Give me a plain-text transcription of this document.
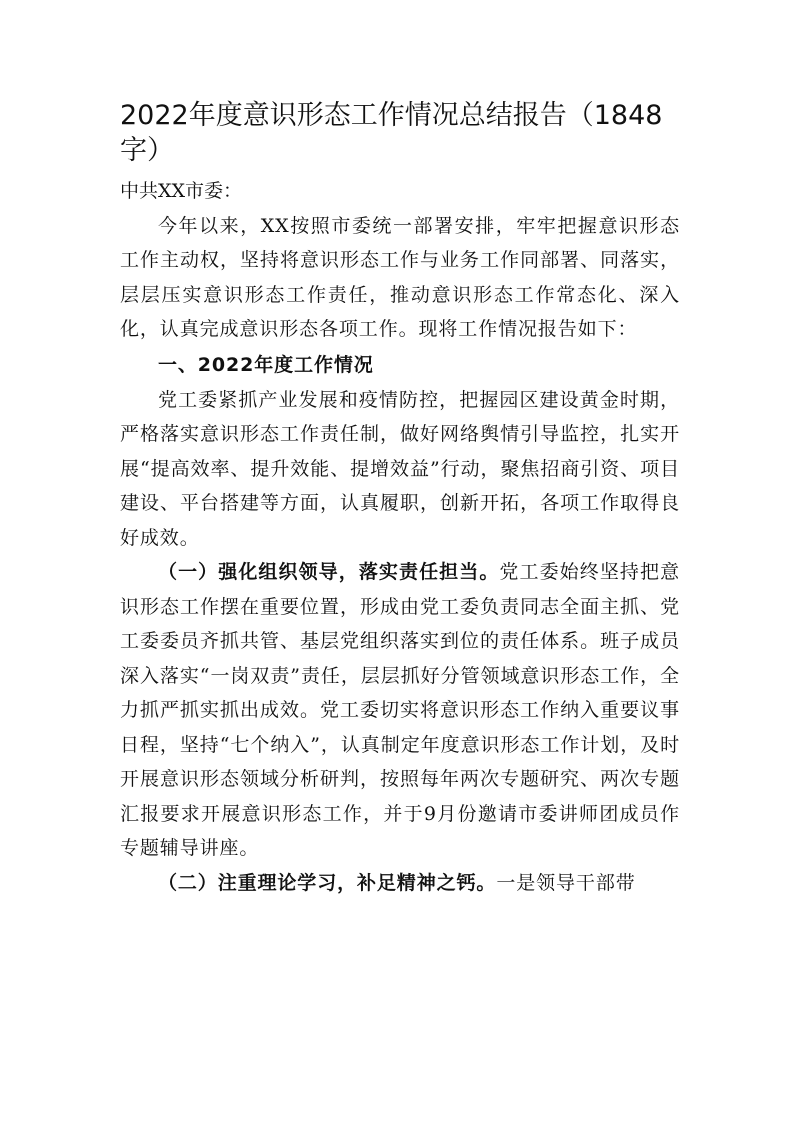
2022年度意识形态工作情况总结报告（1848字）

中共XX市委：

今年以来，XX按照市委统一部署安排，牢牢把握意识形态工作主动权，坚持将意识形态工作与业务工作同部署、同落实，层层压实意识形态工作责任，推动意识形态工作常态化、深入化，认真完成意识形态各项工作。现将工作情况报告如下：

一、2022年度工作情况

党工委紧抓产业发展和疫情防控，把握园区建设黄金时期，严格落实意识形态工作责任制，做好网络舆情引导监控，扎实开展“提高效率、提升效能、提增效益”行动，聚焦招商引资、项目建设、平台搭建等方面，认真履职，创新开拓，各项工作取得良好成效。

（一）强化组织领导，落实责任担当。党工委始终坚持把意识形态工作摆在重要位置，形成由党工委负责同志全面主抓、党工委委员齐抓共管、基层党组织落实到位的责任体系。班子成员深入落实“一岗双责”责任，层层抓好分管领域意识形态工作，全力抓严抓实抓出成效。党工委切实将意识形态工作纳入重要议事日程，坚持“七个纳入”，认真制定年度意识形态工作计划，及时开展意识形态领域分析研判，按照每年两次专题研究、两次专题汇报要求开展意识形态工作，并于9月份邀请市委讲师团成员作专题辅导讲座。

（二）注重理论学习，补足精神之钙。一是领导干部带
